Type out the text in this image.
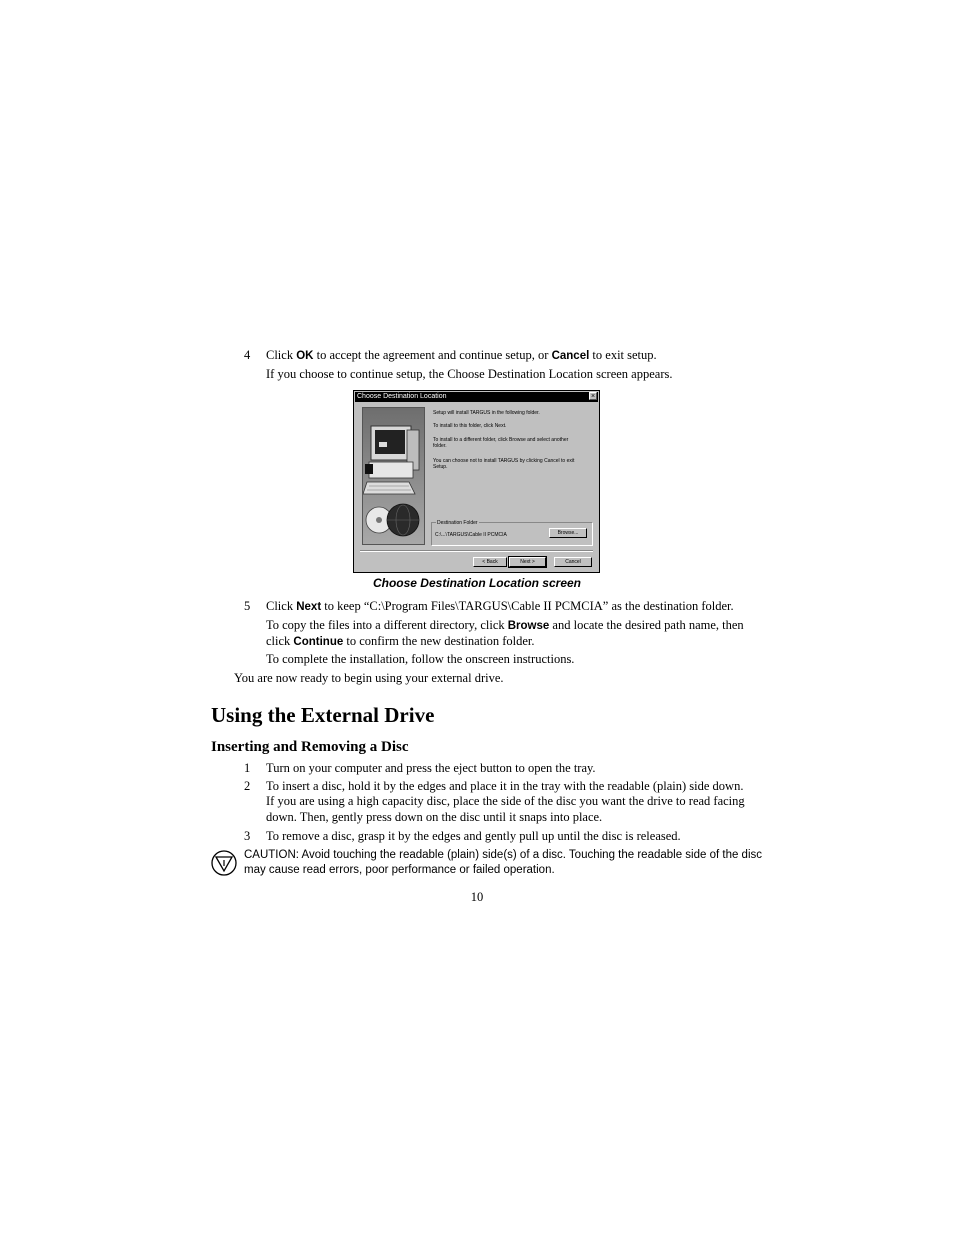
4 Click OK to accept the agreement and continue setup, or Cancel to exit setup.
If you choose to continue setup, the Choose Destination Location screen appears.
Choose Destination Location	×
Setup will install TARGUS in the following folder.
To install to this folder, click Next.
To install to a different folder, click Browse and select another folder.
You can choose not to install TARGUS by clicking Cancel to exit Setup.
Destination Folder
C:\...\TARGUS\Cable II PCMCIA	Browse...
< Back	Next >	Cancel
Choose Destination Location screen
5 Click Next to keep “C:\Program Files\TARGUS\Cable II PCMCIA” as the destination folder.
To copy the files into a different directory, click Browse and locate the desired path name, then
click Continue to confirm the new destination folder.
To complete the installation, follow the onscreen instructions.
You are now ready to begin using your external drive.
Using the External Drive
Inserting and Removing a Disc
1 Turn on your computer and press the eject button to open the tray.
2 To insert a disc, hold it by the edges and place it in the tray with the readable (plain) side down.
If you are using a high capacity disc, place the side of the disc you want the drive to read facing
down. Then, gently press down on the disc until it snaps into place.
3 To remove a disc, grasp it by the edges and gently pull up until the disc is released.
CAUTION: Avoid touching the readable (plain) side(s) of a disc. Touching the readable side of the disc
may cause read errors, poor performance or failed operation.
10
